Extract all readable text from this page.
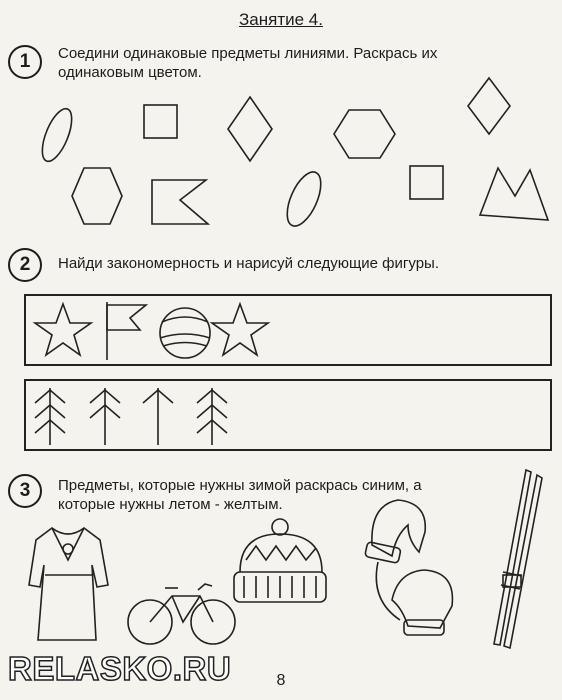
Занятие 4.
1	Соедини одинаковые предметы линиями. Раскрась их
одинаковым цветом.
2	Найди закономерность и нарисуй следующие фигуры.
3	Предметы, которые нужны зимой раскрась синим, а
которые нужны летом - желтым.
8
RELASKO.RU
